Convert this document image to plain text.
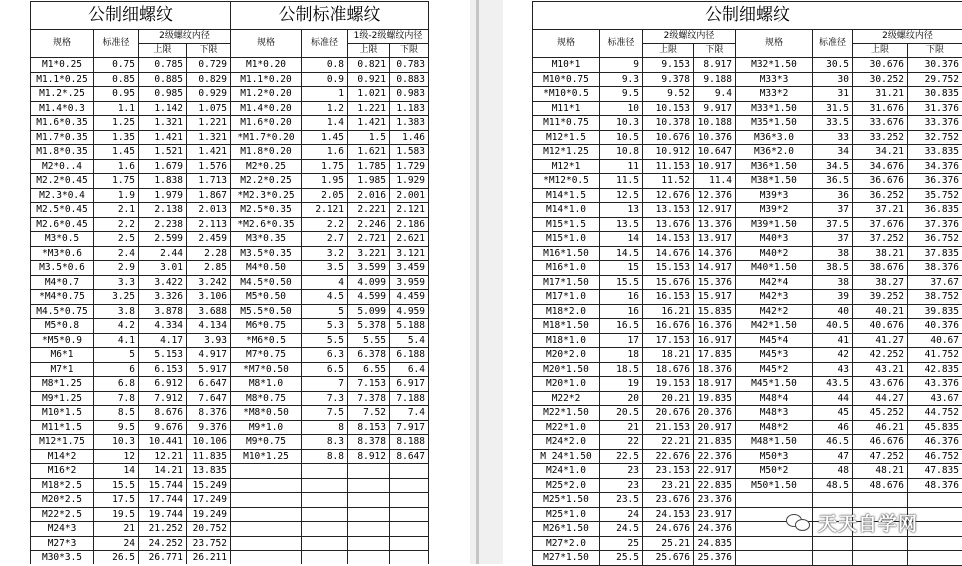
公制细螺纹				公制标准螺纹			
规格	标准径	2级螺纹内径		规格	标准径	1级-2级螺纹内径	
		上限	下限			上限	下限
M1*0.25	0.75	0.785	0.729	M1*0.20	0.8	0.821	0.783
M1.1*0.25	0.85	0.885	0.829	M1.1*0.20	0.9	0.921	0.883
M1.2*.25	0.95	0.985	0.929	M1.2*0.20	1	1.021	0.983
M1.4*0.3	1.1	1.142	1.075	M1.4*0.20	1.2	1.221	1.183
M1.6*0.35	1.25	1.321	1.221	M1.6*0.20	1.4	1.421	1.383
M1.7*0.35	1.35	1.421	1.321	*M1.7*0.20	1.45	1.5	1.46
M1.8*0.35	1.45	1.521	1.421	M1.8*0.20	1.6	1.621	1.583
M2*0..4	1.6	1.679	1.576	M2*0.25	1.75	1.785	1.729
M2.2*0.45	1.75	1.838	1.713	M2.2*0.25	1.95	1.985	1.929
M2.3*0.4	1.9	1.979	1.867	*M2.3*0.25	2.05	2.016	2.001
M2.5*0.45	2.1	2.138	2.013	M2.5*0.35	2.121	2.221	2.121
M2.6*0.45	2.2	2.238	2.113	*M2.6*0.35	2.2	2.246	2.186
M3*0.5	2.5	2.599	2.459	M3*0.35	2.7	2.721	2.621
*M3*0.6	2.4	2.44	2.28	M3.5*0.35	3.2	3.221	3.121
M3.5*0.6	2.9	3.01	2.85	M4*0.50	3.5	3.599	3.459
M4*0.7	3.3	3.422	3.242	M4.5*0.50	4	4.099	3.959
*M4*0.75	3.25	3.326	3.106	M5*0.50	4.5	4.599	4.459
M4.5*0.75	3.8	3.878	3.688	M5.5*0.50	5	5.099	4.959
M5*0.8	4.2	4.334	4.134	M6*0.75	5.3	5.378	5.188
*M5*0.9	4.1	4.17	3.93	*M6*0.5	5.5	5.55	5.4
M6*1	5	5.153	4.917	M7*0.75	6.3	6.378	6.188
M7*1	6	6.153	5.917	*M7*0.50	6.5	6.55	6.4
M8*1.25	6.8	6.912	6.647	M8*1.0	7	7.153	6.917
M9*1.25	7.8	7.912	7.647	M8*0.75	7.3	7.378	7.188
M10*1.5	8.5	8.676	8.376	*M8*0.50	7.5	7.52	7.4
M11*1.5	9.5	9.676	9.376	M9*1.0	8	8.153	7.917
M12*1.75	10.3	10.441	10.106	M9*0.75	8.3	8.378	8.188
M14*2	12	12.21	11.835	M10*1.25	8.8	8.912	8.647
M16*2	14	14.21	13.835				
M18*2.5	15.5	15.744	15.249				
M20*2.5	17.5	17.744	17.249				
M22*2.5	19.5	19.744	19.249				
M24*3	21	21.252	20.752				
M27*3	24	24.252	23.752				
M30*3.5	26.5	26.771	26.211				
公制细螺纹							
规格	标准径	2级螺纹内径		规格	标准径	2级螺纹内径	
		上限	下限			上限	下限
M10*1	9	9.153	8.917	M32*1.50	30.5	30.676	30.376
M10*0.75	9.3	9.378	9.188	M33*3	30	30.252	29.752
*M10*0.5	9.5	9.52	9.4	M33*2	31	31.21	30.835
M11*1	10	10.153	9.917	M33*1.50	31.5	31.676	31.376
M11*0.75	10.3	10.378	10.188	M35*1.50	33.5	33.676	33.376
M12*1.5	10.5	10.676	10.376	M36*3.0	33	33.252	32.752
M12*1.25	10.8	10.912	10.647	M36*2.0	34	34.21	33.835
M12*1	11	11.153	10.917	M36*1.50	34.5	34.676	34.376
*M12*0.5	11.5	11.52	11.4	M38*1.50	36.5	36.676	36.376
M14*1.5	12.5	12.676	12.376	M39*3	36	36.252	35.752
M14*1.0	13	13.153	12.917	M39*2	37	37.21	36.835
M15*1.5	13.5	13.676	13.376	M39*1.50	37.5	37.676	37.376
M15*1.0	14	14.153	13.917	M40*3	37	37.252	36.752
M16*1.50	14.5	14.676	14.376	M40*2	38	38.21	37.835
M16*1.0	15	15.153	14.917	M40*1.50	38.5	38.676	38.376
M17*1.50	15.5	15.676	15.376	M42*4	38	38.27	37.67
M17*1.0	16	16.153	15.917	M42*3	39	39.252	38.752
M18*2.0	16	16.21	15.835	M42*2	40	40.21	39.835
M18*1.50	16.5	16.676	16.376	M42*1.50	40.5	40.676	40.376
M18*1.0	17	17.153	16.917	M45*4	41	41.27	40.67
M20*2.0	18	18.21	17.835	M45*3	42	42.252	41.752
M20*1.50	18.5	18.676	18.376	M45*2	43	43.21	42.835
M20*1.0	19	19.153	18.917	M45*1.50	43.5	43.676	43.376
M22*2	20	20.21	19.835	M48*4	44	44.27	43.67
M22*1.50	20.5	20.676	20.376	M48*3	45	45.252	44.752
M22*1.0	21	21.153	20.917	M48*2	46	46.21	45.835
M24*2.0	22	22.21	21.835	M48*1.50	46.5	46.676	46.376
M 24*1.50	22.5	22.676	22.376	M50*3	47	47.252	46.752
M24*1.0	23	23.153	22.917	M50*2	48	48.21	47.835
M25*2.0	23	23.21	22.835	M50*1.50	48.5	48.676	48.376
M25*1.50	23.5	23.676	23.376				
M25*1.0	24	24.153	23.917				
M26*1.50	24.5	24.676	24.376				
M27*2.0	25	25.21	24.835				
M27*1.50	25.5	25.676	25.376				
天天自学网
